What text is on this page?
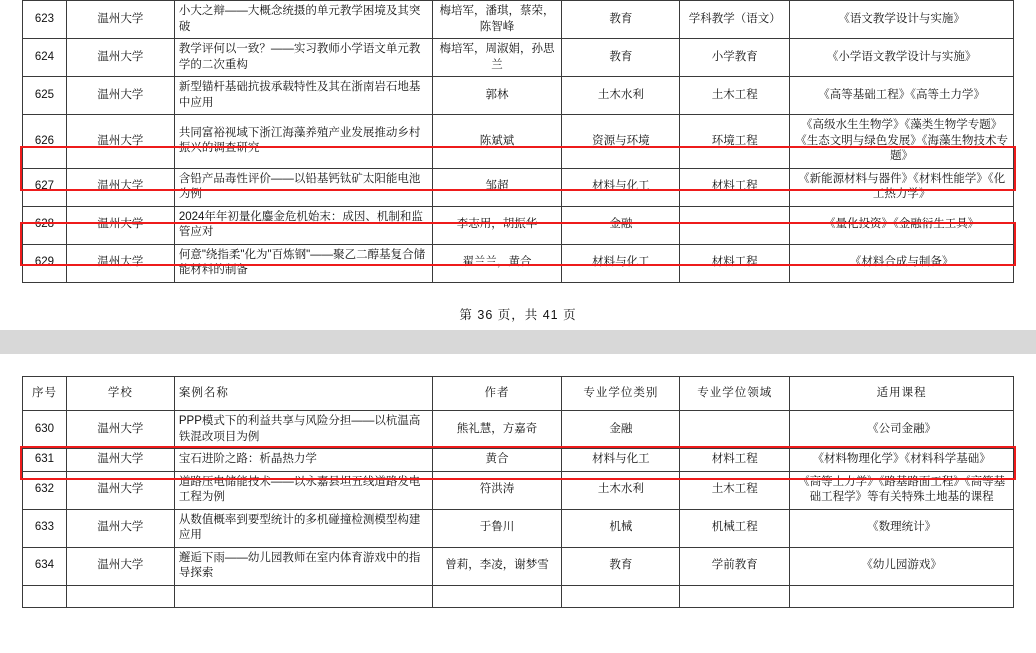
623	温州大学	小大之辩——大概念统摄的单元教学困境及其突破	梅培军，潘琪，蔡荣，陈智峰	教育	学科教学（语文）	《语文教学设计与实施》
624	温州大学	教学评何以一致？——实习教师小学语文单元教学的二次重构	梅培军，周淑娟，孙思兰	教育	小学教育	《小学语文教学设计与实施》
625	温州大学	新型锚杆基础抗拔承载特性及其在浙南岩石地基中应用	郭林	土木水利	土木工程	《高等基础工程》《高等土力学》
626	温州大学	共同富裕视域下浙江海藻养殖产业发展推动乡村振兴的调查研究	陈斌斌	资源与环境	环境工程	《高级水生生物学》《藻类生物学专题》《生态文明与绿色发展》《海藻生物技术专题》
627	温州大学	含铅产品毒性评价——以铅基钙钛矿太阳能电池为例	邹超	材料与化工	材料工程	《新能源材料与器件》《材料性能学》《化工热力学》
628	温州大学	2024年年初量化鏖金危机始末：成因、机制和监管应对	李志用，胡振华	金融		《量化投资》《金融衍生工具》
629	温州大学	何意"绕指柔"化为"百炼钢"——聚乙二醇基复合储能材料的制备	翟兰兰，黄合	材料与化工	材料工程	《材料合成与制备》
第 36 页，共 41 页
序号	学校	案例名称	作者	专业学位类别	专业学位领域	适用课程
630	温州大学	PPP模式下的利益共享与风险分担——以杭温高铁混改项目为例	熊礼慧，方嘉奇	金融		《公司金融》
631	温州大学	宝石进阶之路：析晶热力学	黄合	材料与化工	材料工程	《材料物理化学》《材料科学基础》
632	温州大学	道路压电储能技术——以永嘉县坦五线道路发电工程为例	符洪涛	土木水利	土木工程	《高等土力学》《路基路面工程》《高等基础工程学》等有关特殊土地基的课程
633	温州大学	从数值概率到要型统计的多机碰撞检测模型构建应用	于鲁川	机械	机械工程	《数理统计》
634	温州大学	邂逅下雨——幼儿园教师在室内体育游戏中的指导探索	曾莉，李凌，谢梦雪	教育	学前教育	《幼儿园游戏》
